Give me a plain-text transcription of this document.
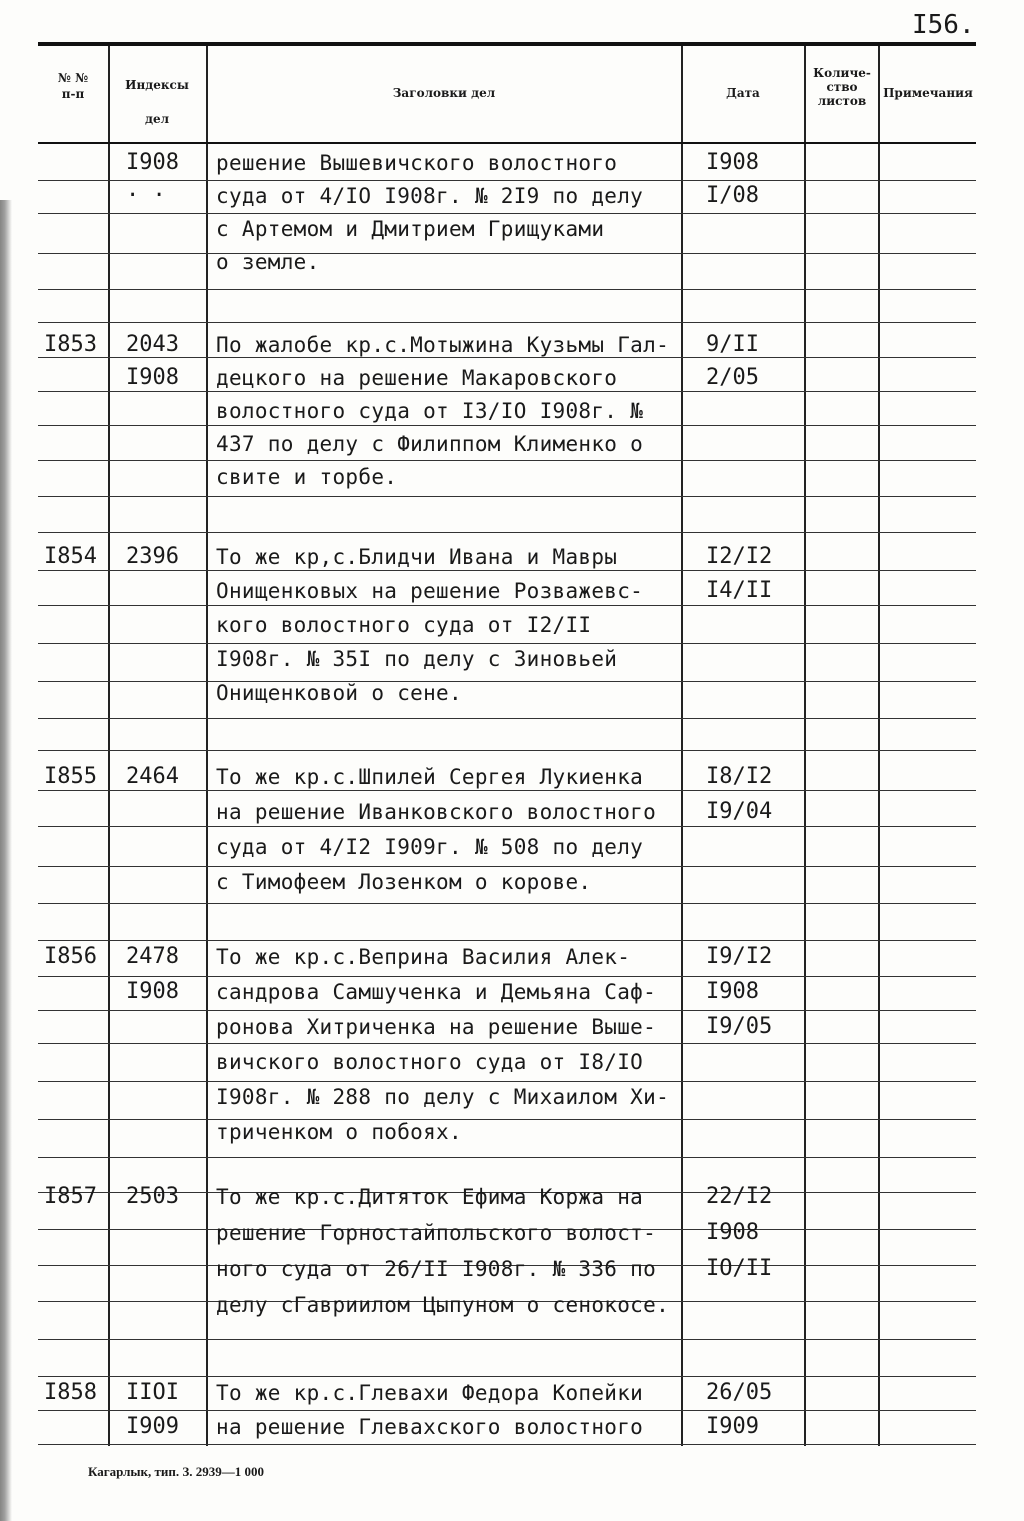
I56.
№ №
п-п
Индексы
дел
Заголовки дел	Дата
Количе-
ство
листов
Примечания
I908
· ·
решение Вышевичского волостного
суда от 4/IO I908г. № 2I9 по делу
с Артемом и Дмитрием Грищуками
о земле.
I908
I/08
I853 2043
I908
По жалобе кр.с.Мотыжина Кузьмы Гал-
децкого на решение Макаровского
волостного суда от I3/IO I908г. №
437 по делу с Филиппом Клименко о
свите и торбе.
9/II
2/05
I854 2396 То же кр,с.Блидчи Ивана и Мавры
Онищенковых на решение Розважевс-
кого волостного суда от I2/II
I908г. № 35I по делу с Зиновьей
Онищенковой о сене.
I2/I2
I4/II
I855 2464 То же кр.с.Шпилей Сергея Лукиенка
на решение Иванковского волостного
суда от 4/I2 I909г. № 508 по делу
с Тимофеем Лозенком о корове.
I8/I2
I9/04
I856 2478
I908
То же кр.с.Веприна Василия Алек-
сандрова Самшученка и Демьяна Саф-
ронова Хитриченка на решение Выше-
вичского волостного суда от I8/IO
I908г. № 288 по делу с Михаилом Хи-
триченком о побоях.
I9/I2
I908
I9/05
I857 2503 То же кр.с.Дитяток Ефима Коржа на
решение Горностайпольского волост-
ного суда от 26/II I908г. № 336 по
делу сГавриилом Цыпуном о сенокосе.
22/I2
I908
IO/II
I858 IIOI
I909
То же кр.с.Глевахи Федора Копейки
на решение Глевахского волостного
26/05
I909
Кагарлык, тип. З. 2939—1 000
